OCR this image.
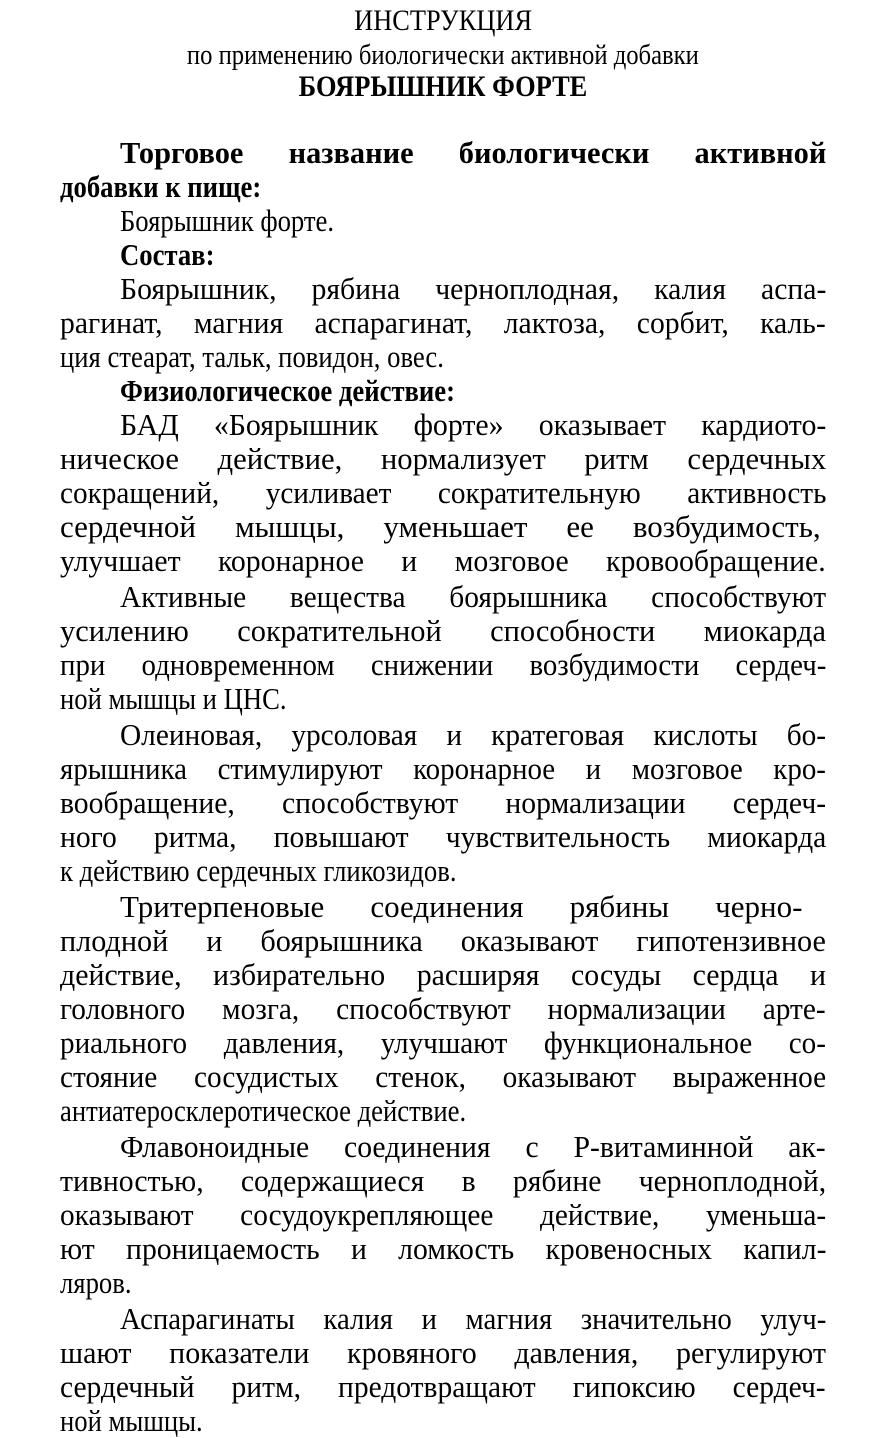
ИНСТРУКЦИЯ
по применению биологически активной добавки
БОЯРЫШНИК ФОРТЕ
Торговое название биологически активной
добавки к пище:
Боярышник форте.
Состав:
Боярышник, рябина черноплодная, калия аспа-
рагинат, магния аспарагинат, лактоза, сорбит, каль-
ция стеарат, тальк, повидон, овес.
Физиологическое действие:
БАД «Боярышник форте» оказывает кардиото-
ническое действие, нормализует ритм сердечных
сокращений, усиливает сократительную активность
сердечной мышцы, уменьшает ее возбудимость,
улучшает коронарное и мозговое кровообращение.
Активные вещества боярышника способствуют
усилению сократительной способности миокарда
при одновременном снижении возбудимости сердеч-
ной мышцы и ЦНС.
Олеиновая, урсоловая и кратеговая кислоты бо-
ярышника стимулируют коронарное и мозговое кро-
вообращение, способствуют нормализации сердеч-
ного ритма, повышают чувствительность миокарда
к действию сердечных гликозидов.
Тритерпеновые соединения рябины черно-
плодной и боярышника оказывают гипотензивное
действие, избирательно расширяя сосуды сердца и
головного мозга, способствуют нормализации арте-
риального давления, улучшают функциональное со-
стояние сосудистых стенок, оказывают выраженное
антиатеросклеротическое действие.
Флавоноидные соединения с Р-витаминной ак-
тивностью, содержащиеся в рябине черноплодной,
оказывают сосудоукрепляющее действие, уменьша-
ют проницаемость и ломкость кровеносных капил-
ляров.
Аспарагинаты калия и магния значительно улуч-
шают показатели кровяного давления, регулируют
сердечный ритм, предотвращают гипоксию сердеч-
ной мышцы.
